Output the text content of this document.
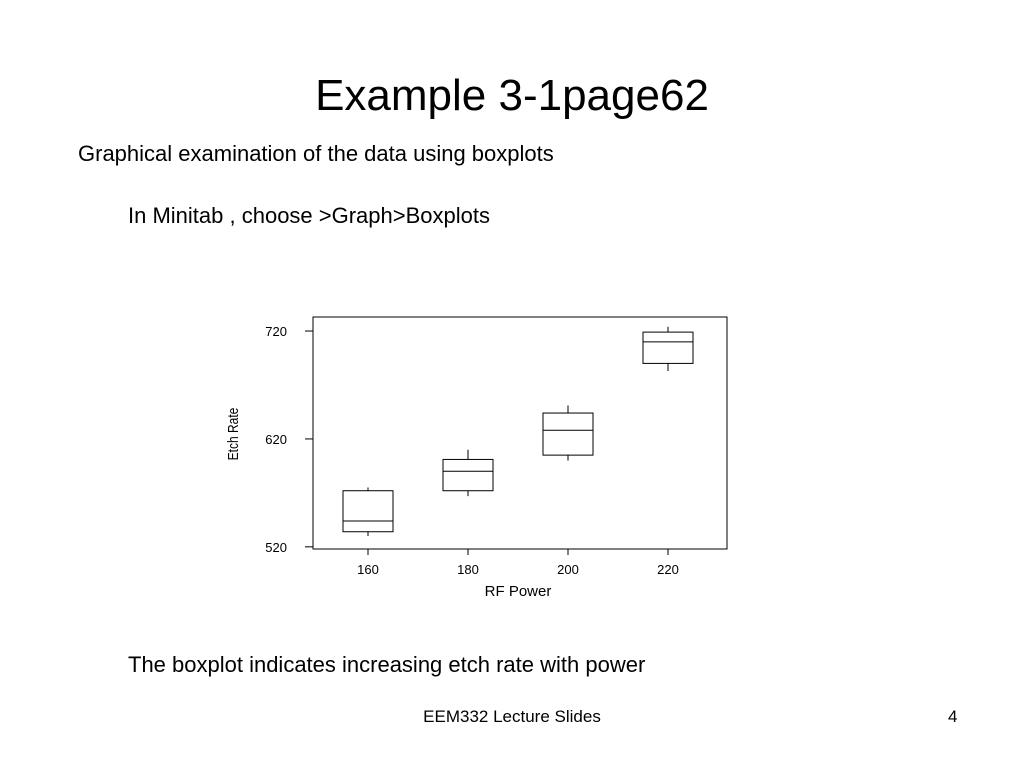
Example 3-1page62
Graphical examination of the data using boxplots
In Minitab , choose >Graph>Boxplots
720
620
520
160	180	200	220
Etch Rate
RF Power
The boxplot indicates increasing etch rate with power
EEM332 Lecture Slides	4
